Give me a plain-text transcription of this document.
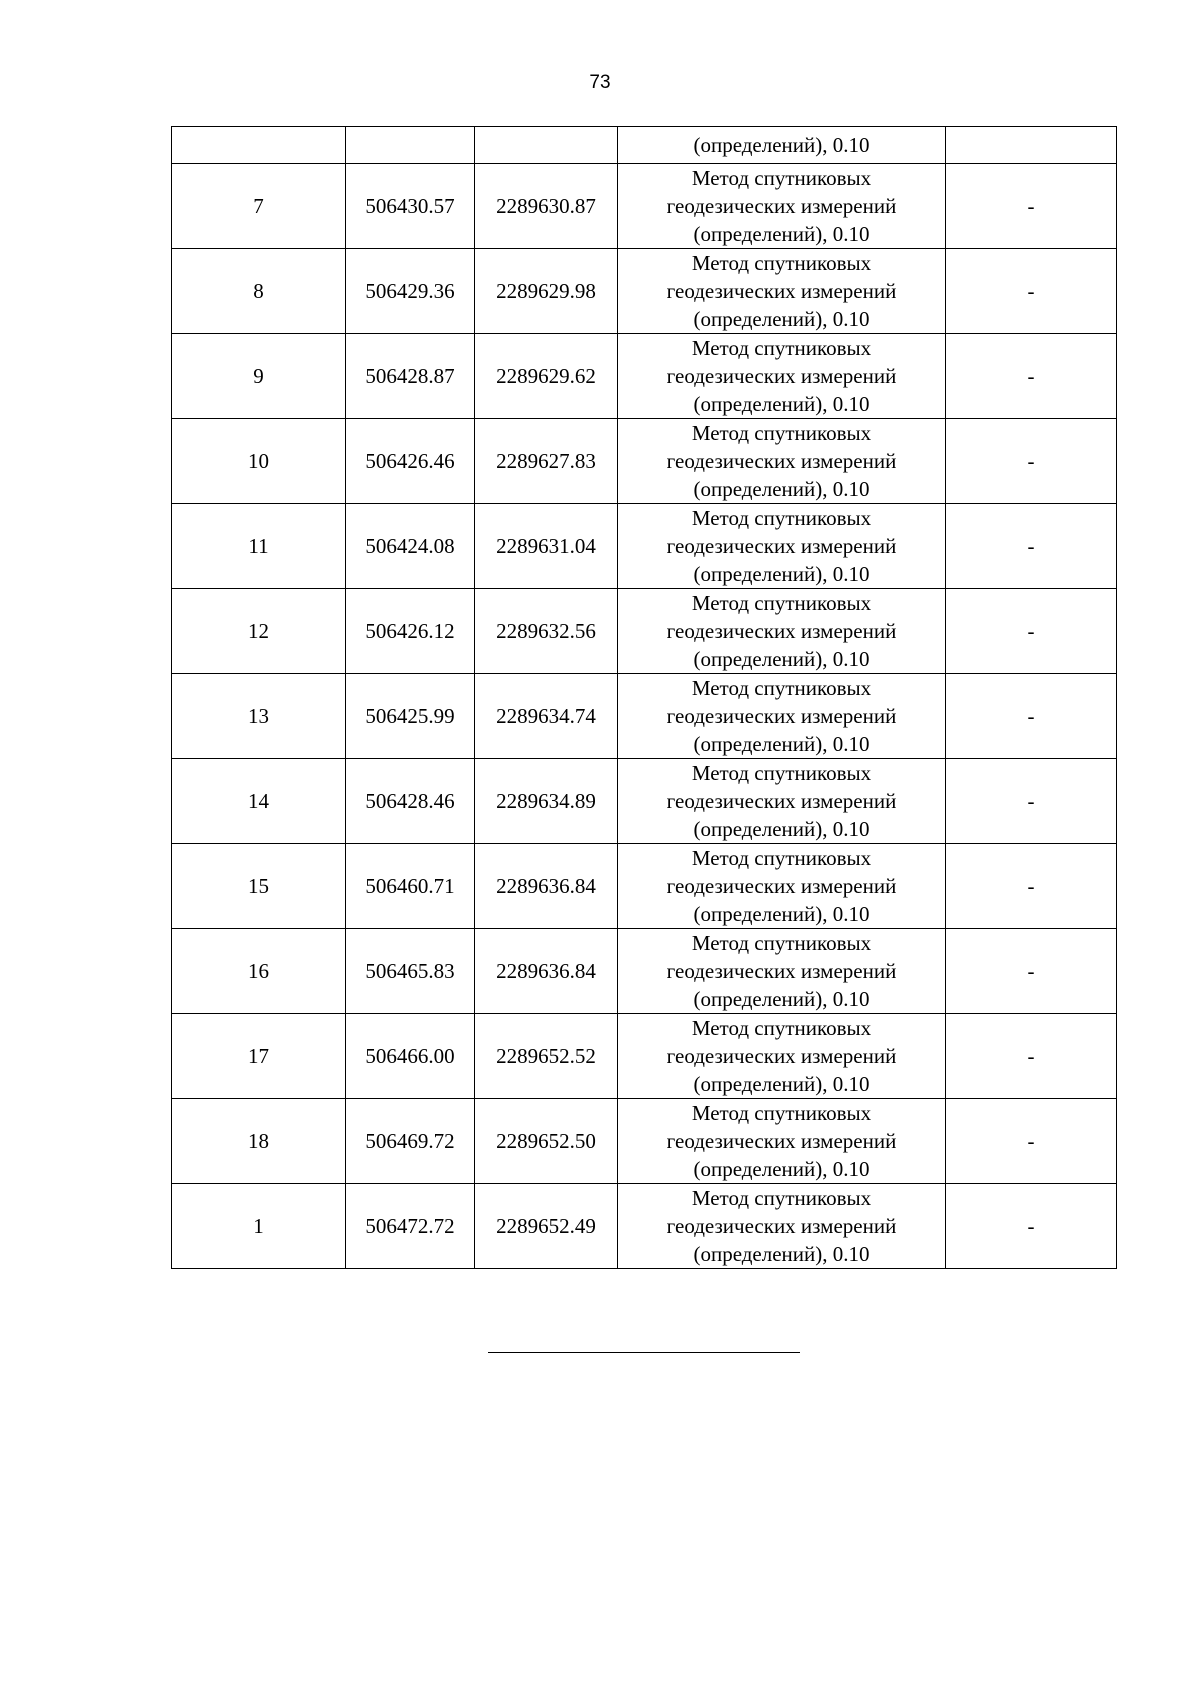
73
			(определений), 0.10	
7	506430.57	2289630.87	Метод спутниковых
геодезических измерений
(определений), 0.10	-
8	506429.36	2289629.98	Метод спутниковых
геодезических измерений
(определений), 0.10	-
9	506428.87	2289629.62	Метод спутниковых
геодезических измерений
(определений), 0.10	-
10	506426.46	2289627.83	Метод спутниковых
геодезических измерений
(определений), 0.10	-
11	506424.08	2289631.04	Метод спутниковых
геодезических измерений
(определений), 0.10	-
12	506426.12	2289632.56	Метод спутниковых
геодезических измерений
(определений), 0.10	-
13	506425.99	2289634.74	Метод спутниковых
геодезических измерений
(определений), 0.10	-
14	506428.46	2289634.89	Метод спутниковых
геодезических измерений
(определений), 0.10	-
15	506460.71	2289636.84	Метод спутниковых
геодезических измерений
(определений), 0.10	-
16	506465.83	2289636.84	Метод спутниковых
геодезических измерений
(определений), 0.10	-
17	506466.00	2289652.52	Метод спутниковых
геодезических измерений
(определений), 0.10	-
18	506469.72	2289652.50	Метод спутниковых
геодезических измерений
(определений), 0.10	-
1	506472.72	2289652.49	Метод спутниковых
геодезических измерений
(определений), 0.10	-
